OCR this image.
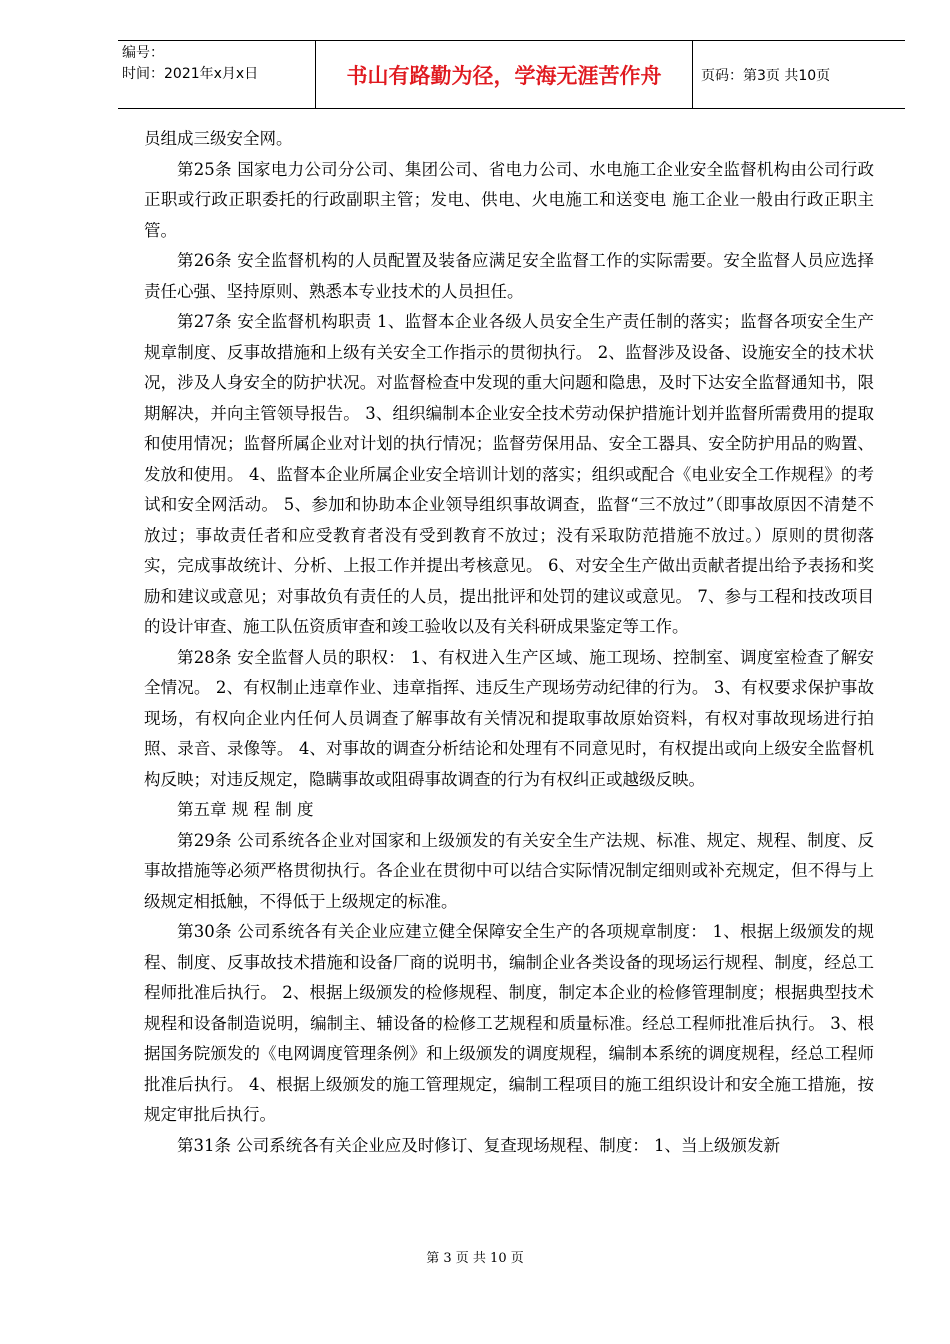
编号：
时间：2021年x月x日	书山有路勤为径，学海无涯苦作舟	页码：第3页 共10页

员组成三级安全网。

第25条 国家电力公司分公司、集团公司、省电力公司、水电施工企业安全监督机构由公司行政正职或行政正职委托的行政副职主管；发电、供电、火电施工和送变电 施工企业一般由行政正职主管。

第26条 安全监督机构的人员配置及装备应满足安全监督工作的实际需要。安全监督人员应选择责任心强、坚持原则、熟悉本专业技术的人员担任。

第27条 安全监督机构职责 1、监督本企业各级人员安全生产责任制的落实；监督各项安全生产规章制度、反事故措施和上级有关安全工作指示的贯彻执行。 2、监督涉及设备、设施安全的技术状况，涉及人身安全的防护状况。对监督检查中发现的重大问题和隐患，及时下达安全监督通知书，限期解决，并向主管领导报告。 3、组织编制本企业安全技术劳动保护措施计划并监督所需费用的提取和使用情况；监督所属企业对计划的执行情况；监督劳保用品、安全工器具、安全防护用品的购置、发放和使用。 4、监督本企业所属企业安全培训计划的落实；组织或配合《电业安全工作规程》的考试和安全网活动。 5、参加和协助本企业领导组织事故调查，监督“三不放过”（即事故原因不清楚不放过；事故责任者和应受教育者没有受到教育不放过；没有采取防范措施不放过。）原则的贯彻落实，完成事故统计、分析、上报工作并提出考核意见。 6、对安全生产做出贡献者提出给予表扬和奖励和建议或意见；对事故负有责任的人员，提出批评和处罚的建议或意见。 7、参与工程和技改项目的设计审查、施工队伍资质审查和竣工验收以及有关科研成果鉴定等工作。

第28条 安全监督人员的职权： 1、有权进入生产区域、施工现场、控制室、调度室检查了解安全情况。 2、有权制止违章作业、违章指挥、违反生产现场劳动纪律的行为。 3、有权要求保护事故现场，有权向企业内任何人员调查了解事故有关情况和提取事故原始资料，有权对事故现场进行拍照、录音、录像等。 4、对事故的调查分析结论和处理有不同意见时，有权提出或向上级安全监督机构反映；对违反规定，隐瞒事故或阻碍事故调查的行为有权纠正或越级反映。

第五章 规 程 制 度

第29条 公司系统各企业对国家和上级颁发的有关安全生产法规、标准、规定、规程、制度、反事故措施等必须严格贯彻执行。各企业在贯彻中可以结合实际情况制定细则或补充规定，但不得与上级规定相抵触，不得低于上级规定的标准。

第30条 公司系统各有关企业应建立健全保障安全生产的各项规章制度： 1、根据上级颁发的规程、制度、反事故技术措施和设备厂商的说明书，编制企业各类设备的现场运行规程、制度，经总工程师批准后执行。 2、根据上级颁发的检修规程、制度，制定本企业的检修管理制度；根据典型技术规程和设备制造说明，编制主、辅设备的检修工艺规程和质量标准。经总工程师批准后执行。 3、根据国务院颁发的《电网调度管理条例》和上级颁发的调度规程，编制本系统的调度规程，经总工程师批准后执行。 4、根据上级颁发的施工管理规定，编制工程项目的施工组织设计和安全施工措施，按规定审批后执行。

第31条 公司系统各有关企业应及时修订、复查现场规程、制度： 1、当上级颁发新

第 3 页 共 10 页
